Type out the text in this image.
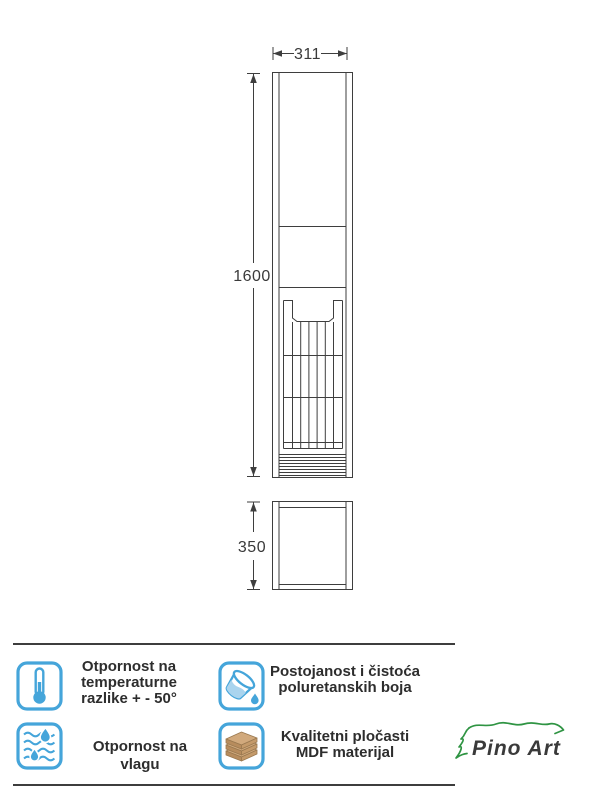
311
1600
350
Otpornost na
temperaturne
razlike + - 50°
Otpornost na vlagu
Postojanost i čistoća
poluretanskih boja
Kvalitetni pločasti
MDF materijal	Pino Art
